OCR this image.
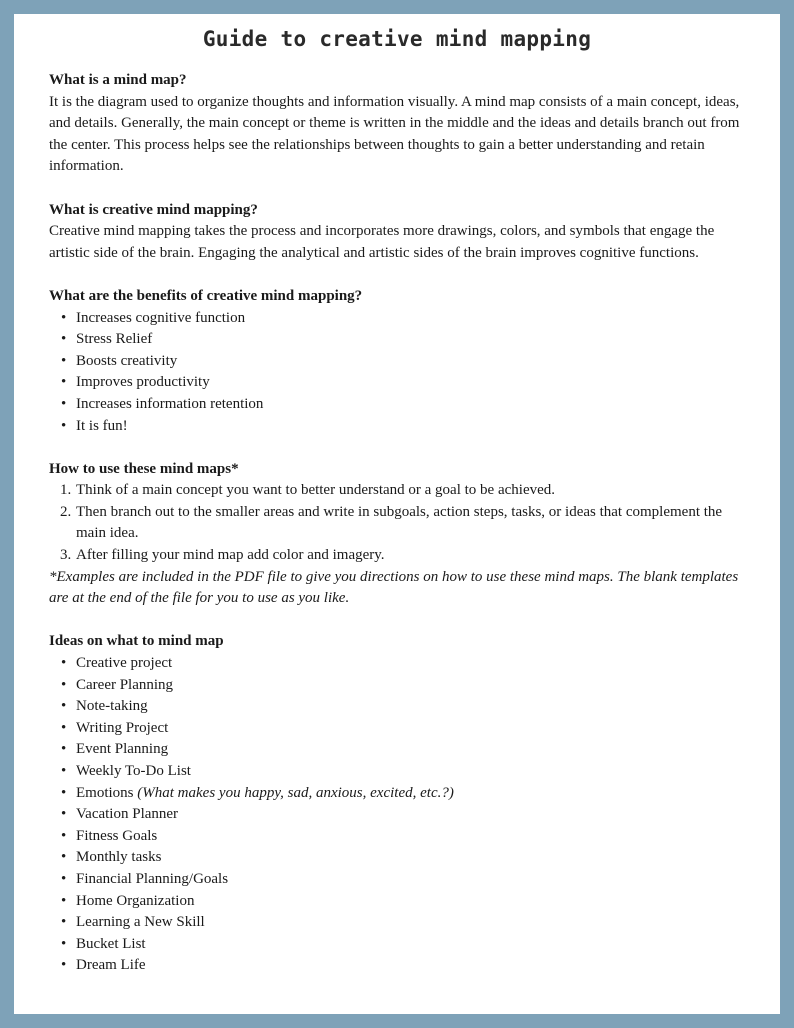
Guide to creative mind mapping

What is a mind map?

It is the diagram used to organize thoughts and information visually. A mind map consists of a main concept, ideas, and details. Generally, the main concept or theme is written in the middle and the ideas and details branch out from the center. This process helps see the relationships between thoughts to gain a better understanding and retain information.

What is creative mind mapping?

Creative mind mapping takes the process and incorporates more drawings, colors, and symbols that engage the artistic side of the brain. Engaging the analytical and artistic sides of the brain improves cognitive functions.

What are the benefits of creative mind mapping?

• Increases cognitive function
• Stress Relief
• Boosts creativity
• Improves productivity
• Increases information retention
• It is fun!

How to use these mind maps*

1. Think of a main concept you want to better understand or a goal to be achieved.
2. Then branch out to the smaller areas and write in subgoals, action steps, tasks, or ideas that complement the main idea.
3. After filling your mind map add color and imagery.

*Examples are included in the PDF file to give you directions on how to use these mind maps. The blank templates are at the end of the file for you to use as you like.

Ideas on what to mind map

• Creative project
• Career Planning
• Note-taking
• Writing Project
• Event Planning
• Weekly To-Do List
• Emotions (What makes you happy, sad, anxious, excited, etc.?)
• Vacation Planner
• Fitness Goals
• Monthly tasks
• Financial Planning/Goals
• Home Organization
• Learning a New Skill
• Bucket List
• Dream Life
